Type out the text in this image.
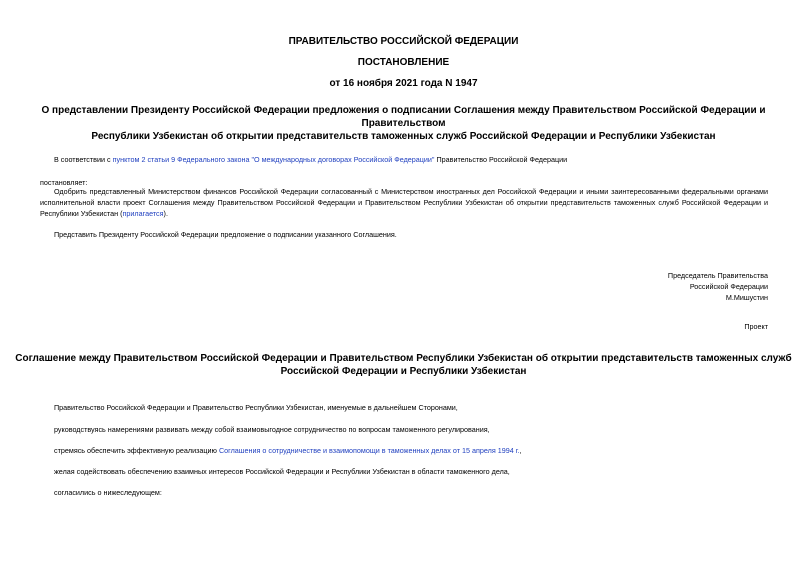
ПРАВИТЕЛЬСТВО РОССИЙСКОЙ ФЕДЕРАЦИИ
ПОСТАНОВЛЕНИЕ
от 16 ноября 2021 года N 1947
О представлении Президенту Российской Федерации предложения о подписании Соглашения между Правительством Российской Федерации и Правительством
Республики Узбекистан об открытии представительств таможенных служб Российской Федерации и Республики Узбекистан
В соответствии с пунктом 2 статьи 9 Федерального закона "О международных договорах Российской Федерации" Правительство Российской Федерации
постановляет:
Одобрить представленный Министерством финансов Российской Федерации согласованный с Министерством иностранных дел Российской Федерации и иными заинтересованными федеральными органами исполнительной власти проект Соглашения между Правительством Российской Федерации и Правительством Республики Узбекистан об открытии представительств таможенных служб Российской Федерации и Республики Узбекистан (прилагается).
Представить Президенту Российской Федерации предложение о подписании указанного Соглашения.
Председатель Правительства
Российской Федерации
М.Мишустин
Проект
Соглашение между Правительством Российской Федерации и Правительством Республики Узбекистан об открытии представительств таможенных служб
Российской Федерации и Республики Узбекистан
Правительство Российской Федерации и Правительство Республики Узбекистан, именуемые в дальнейшем Сторонами,
руководствуясь намерениями развивать между собой взаимовыгодное сотрудничество по вопросам таможенного регулирования,
стремясь обеспечить эффективную реализацию Соглашения о сотрудничестве и взаимопомощи в таможенных делах от 15 апреля 1994 г.,
желая содействовать обеспечению взаимных интересов Российской Федерации и Республики Узбекистан в области таможенного дела,
согласились о нижеследующем:
